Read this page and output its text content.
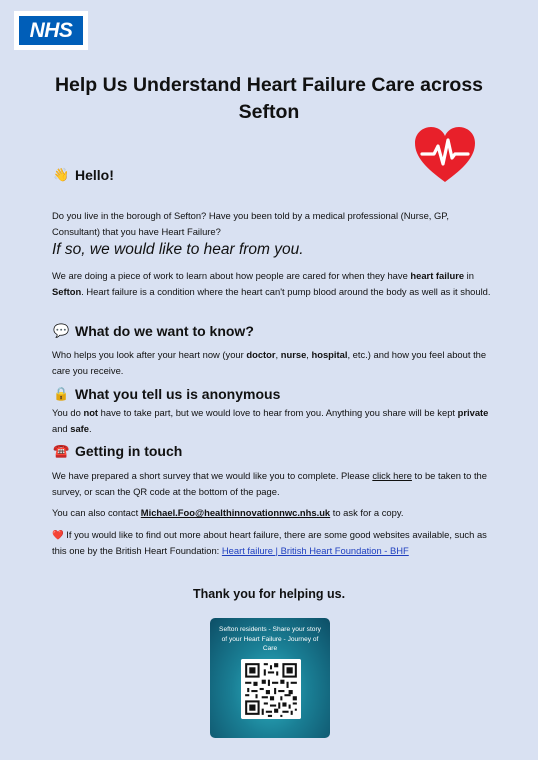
NHS
Help Us Understand Heart Failure Care across Sefton
👋 Hello!

Do you live in the borough of Sefton? Have you been told by a medical professional (Nurse, GP, Consultant) that you have Heart Failure?

If so, we would like to hear from you.

We are doing a piece of work to learn about how people are cared for when they have heart failure in Sefton. Heart failure is a condition where the heart can't pump blood around the body as well as it should.

💬 What do we want to know?

Who helps you look after your heart now (your doctor, nurse, hospital, etc.) and how you feel about the care you receive.

🔒 What you tell us is anonymous

You do not have to take part, but we would love to hear from you. Anything you share will be kept private and safe.

☎️ Getting in touch

We have prepared a short survey that we would like you to complete. Please click here to be taken to the survey, or scan the QR code at the bottom of the page.

You can also contact Michael.Foo@healthinnovationnwc.nhs.uk to ask for a copy.

❤️ If you would like to find out more about heart failure, there are some good websites available, such as this one by the British Heart Foundation: Heart failure | British Heart Foundation - BHF

Thank you for helping us.

Sefton residents - Share your story of your Heart Failure - Journey of Care
